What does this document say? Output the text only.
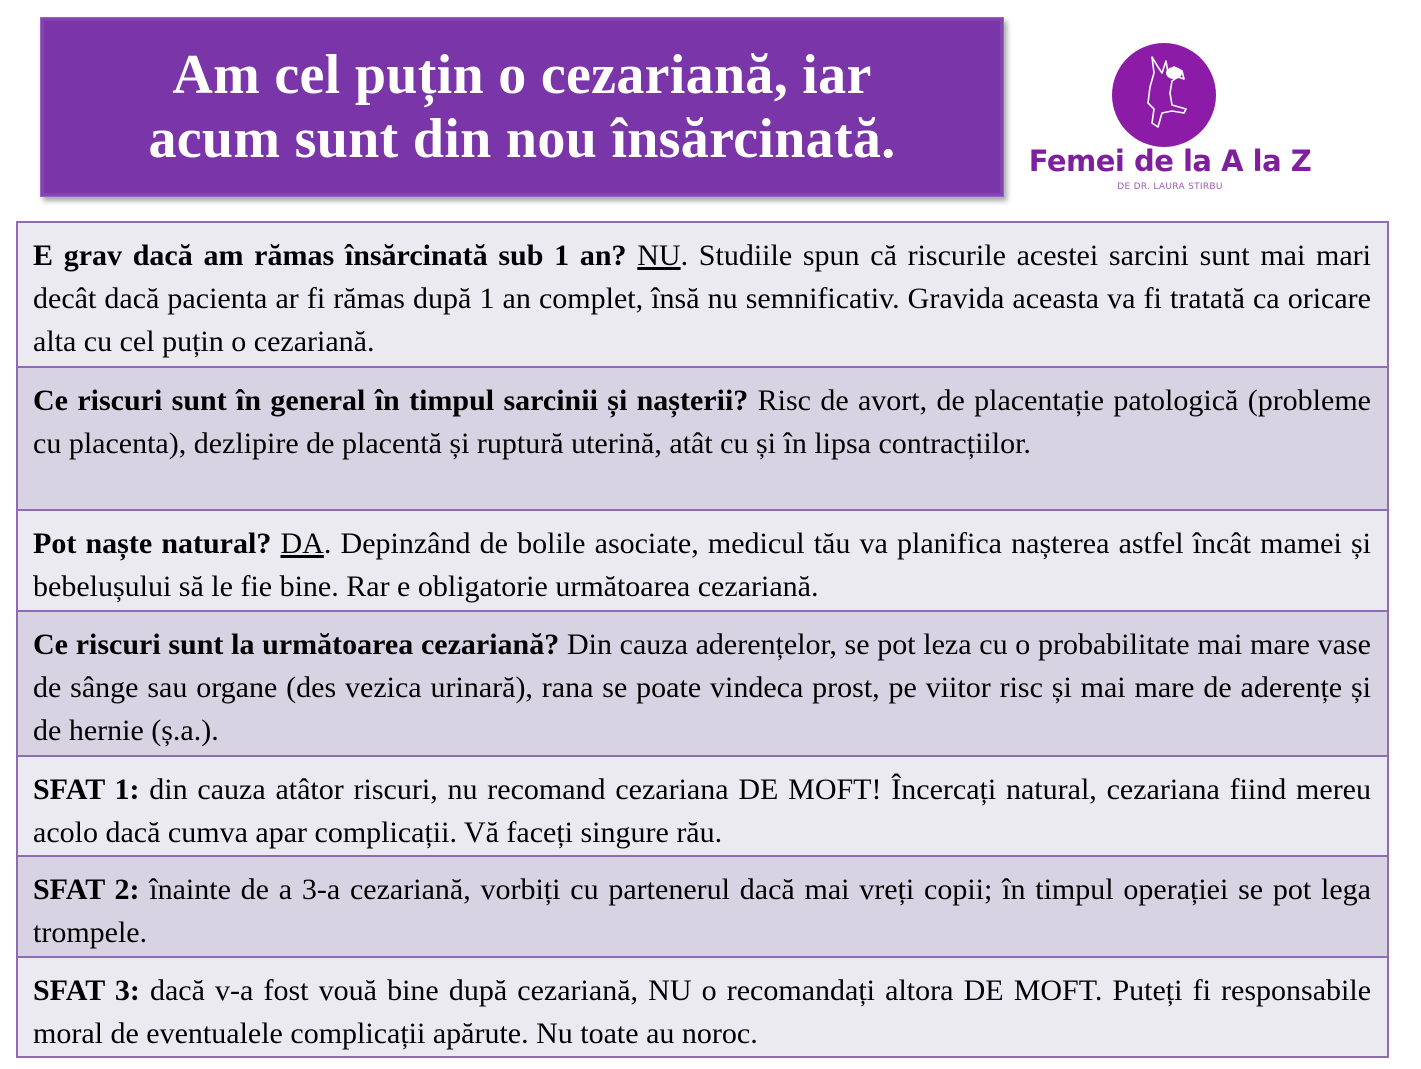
Am cel puțin o cezariană, iar
acum sunt din nou însărcinată.	Femei de la A la Z
DE DR. LAURA STIRBU
E grav dacă am rămas însărcinată sub 1 an? NU. Studiile spun că riscurile acestei sarcini sunt mai mari decât dacă pacienta ar fi rămas după 1 an complet, însă nu semnificativ. Gravida aceasta va fi tratată ca oricare alta cu cel puțin o cezariană.
Ce riscuri sunt în general în timpul sarcinii și nașterii? Risc de avort, de placentație patologică (probleme cu placenta), dezlipire de placentă și ruptură uterină, atât cu și în lipsa contracțiilor.
Pot naște natural? DA. Depinzând de bolile asociate, medicul tău va planifica nașterea astfel încât mamei și bebelușului să le fie bine. Rar e obligatorie următoarea cezariană.
Ce riscuri sunt la următoarea cezariană? Din cauza aderențelor, se pot leza cu o probabilitate mai mare vase de sânge sau organe (des vezica urinară), rana se poate vindeca prost, pe viitor risc și mai mare de aderențe și de hernie (ș.a.).
SFAT 1: din cauza atâtor riscuri, nu recomand cezariana DE MOFT! Încercați natural, cezariana fiind mereu acolo dacă cumva apar complicații. Vă faceți singure rău.
SFAT 2: înainte de a 3-a cezariană, vorbiți cu partenerul dacă mai vreți copii; în timpul operației se pot lega trompele.
SFAT 3: dacă v-a fost vouă bine după cezariană, NU o recomandați altora DE MOFT. Puteți fi responsabile moral de eventualele complicații apărute. Nu toate au noroc.
